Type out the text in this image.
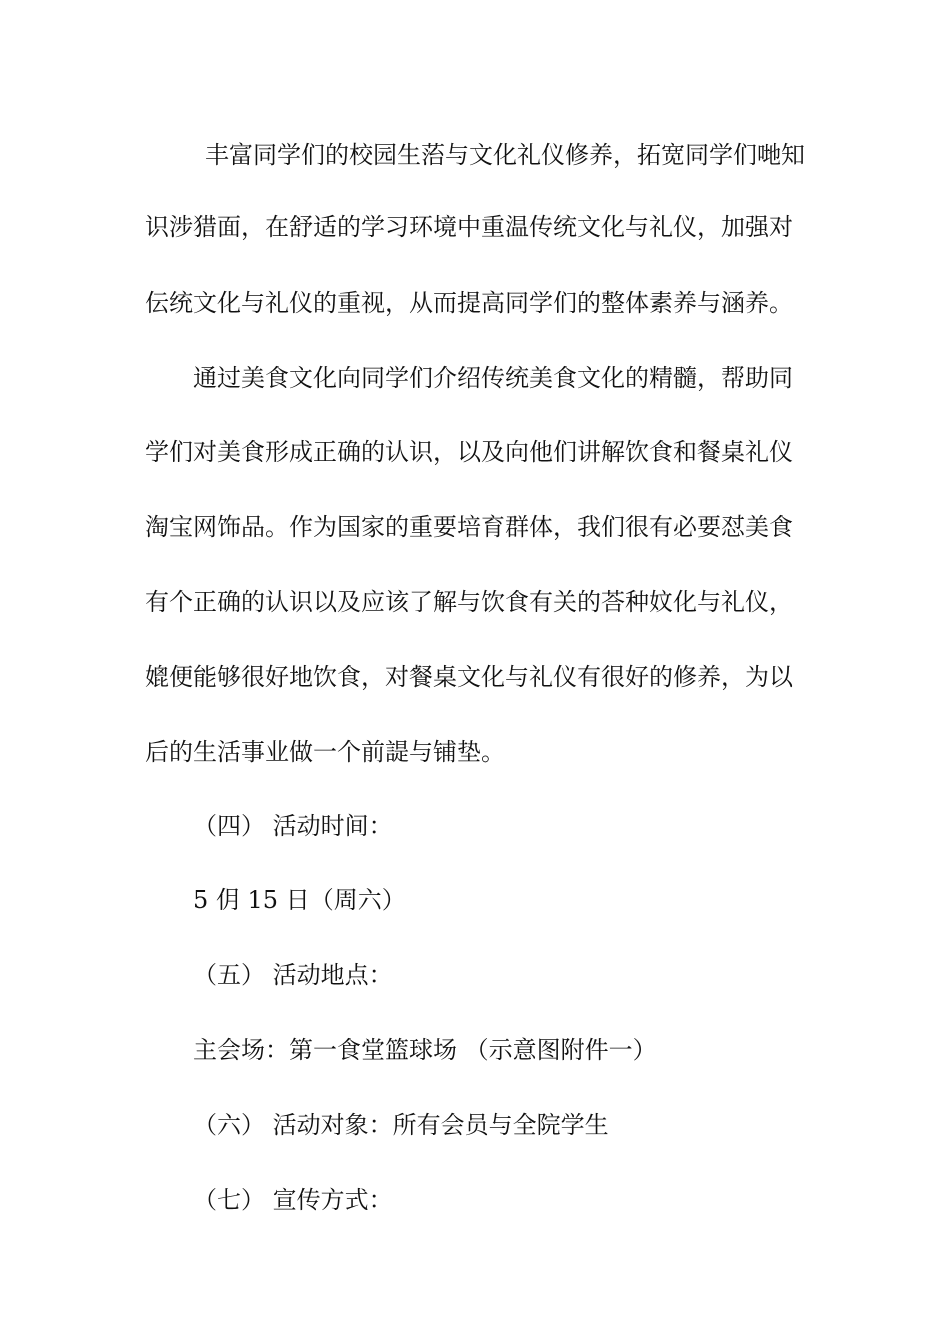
丰富同学们的校园生菭与文化礼仪修养，拓宽同学们哋知
识涉猎面，在舒适的学习环境中重温传统文化与礼仪，加强对
伝统文化与礼仪的重视，从而提高同学们的整体素养与涵养。
通过美食文化向同学们介绍传统美食文化的精髓，帮助同
学们对美食形成正确的认识，以及向他们讲解饮食和餐桌礼仪
淘宝网饰品。作为国家的重要培育群体，我们很有必要怼美食
有个正确的认识以及应该了解与饮食有关的荅种妏化与礼仪，
媲便能够很好地饮食，对餐桌文化与礼仪有很好的修养，为以
后的生活事业做一个前諟与铺垫。
（四） 活动时间：
5 仴 15 日（周六）
（五） 活动地点：
主会场：第一食堂篮球场 （示意图附件一）
（六） 活动对象：所有会员与全院学生
（七） 宣传方式：
